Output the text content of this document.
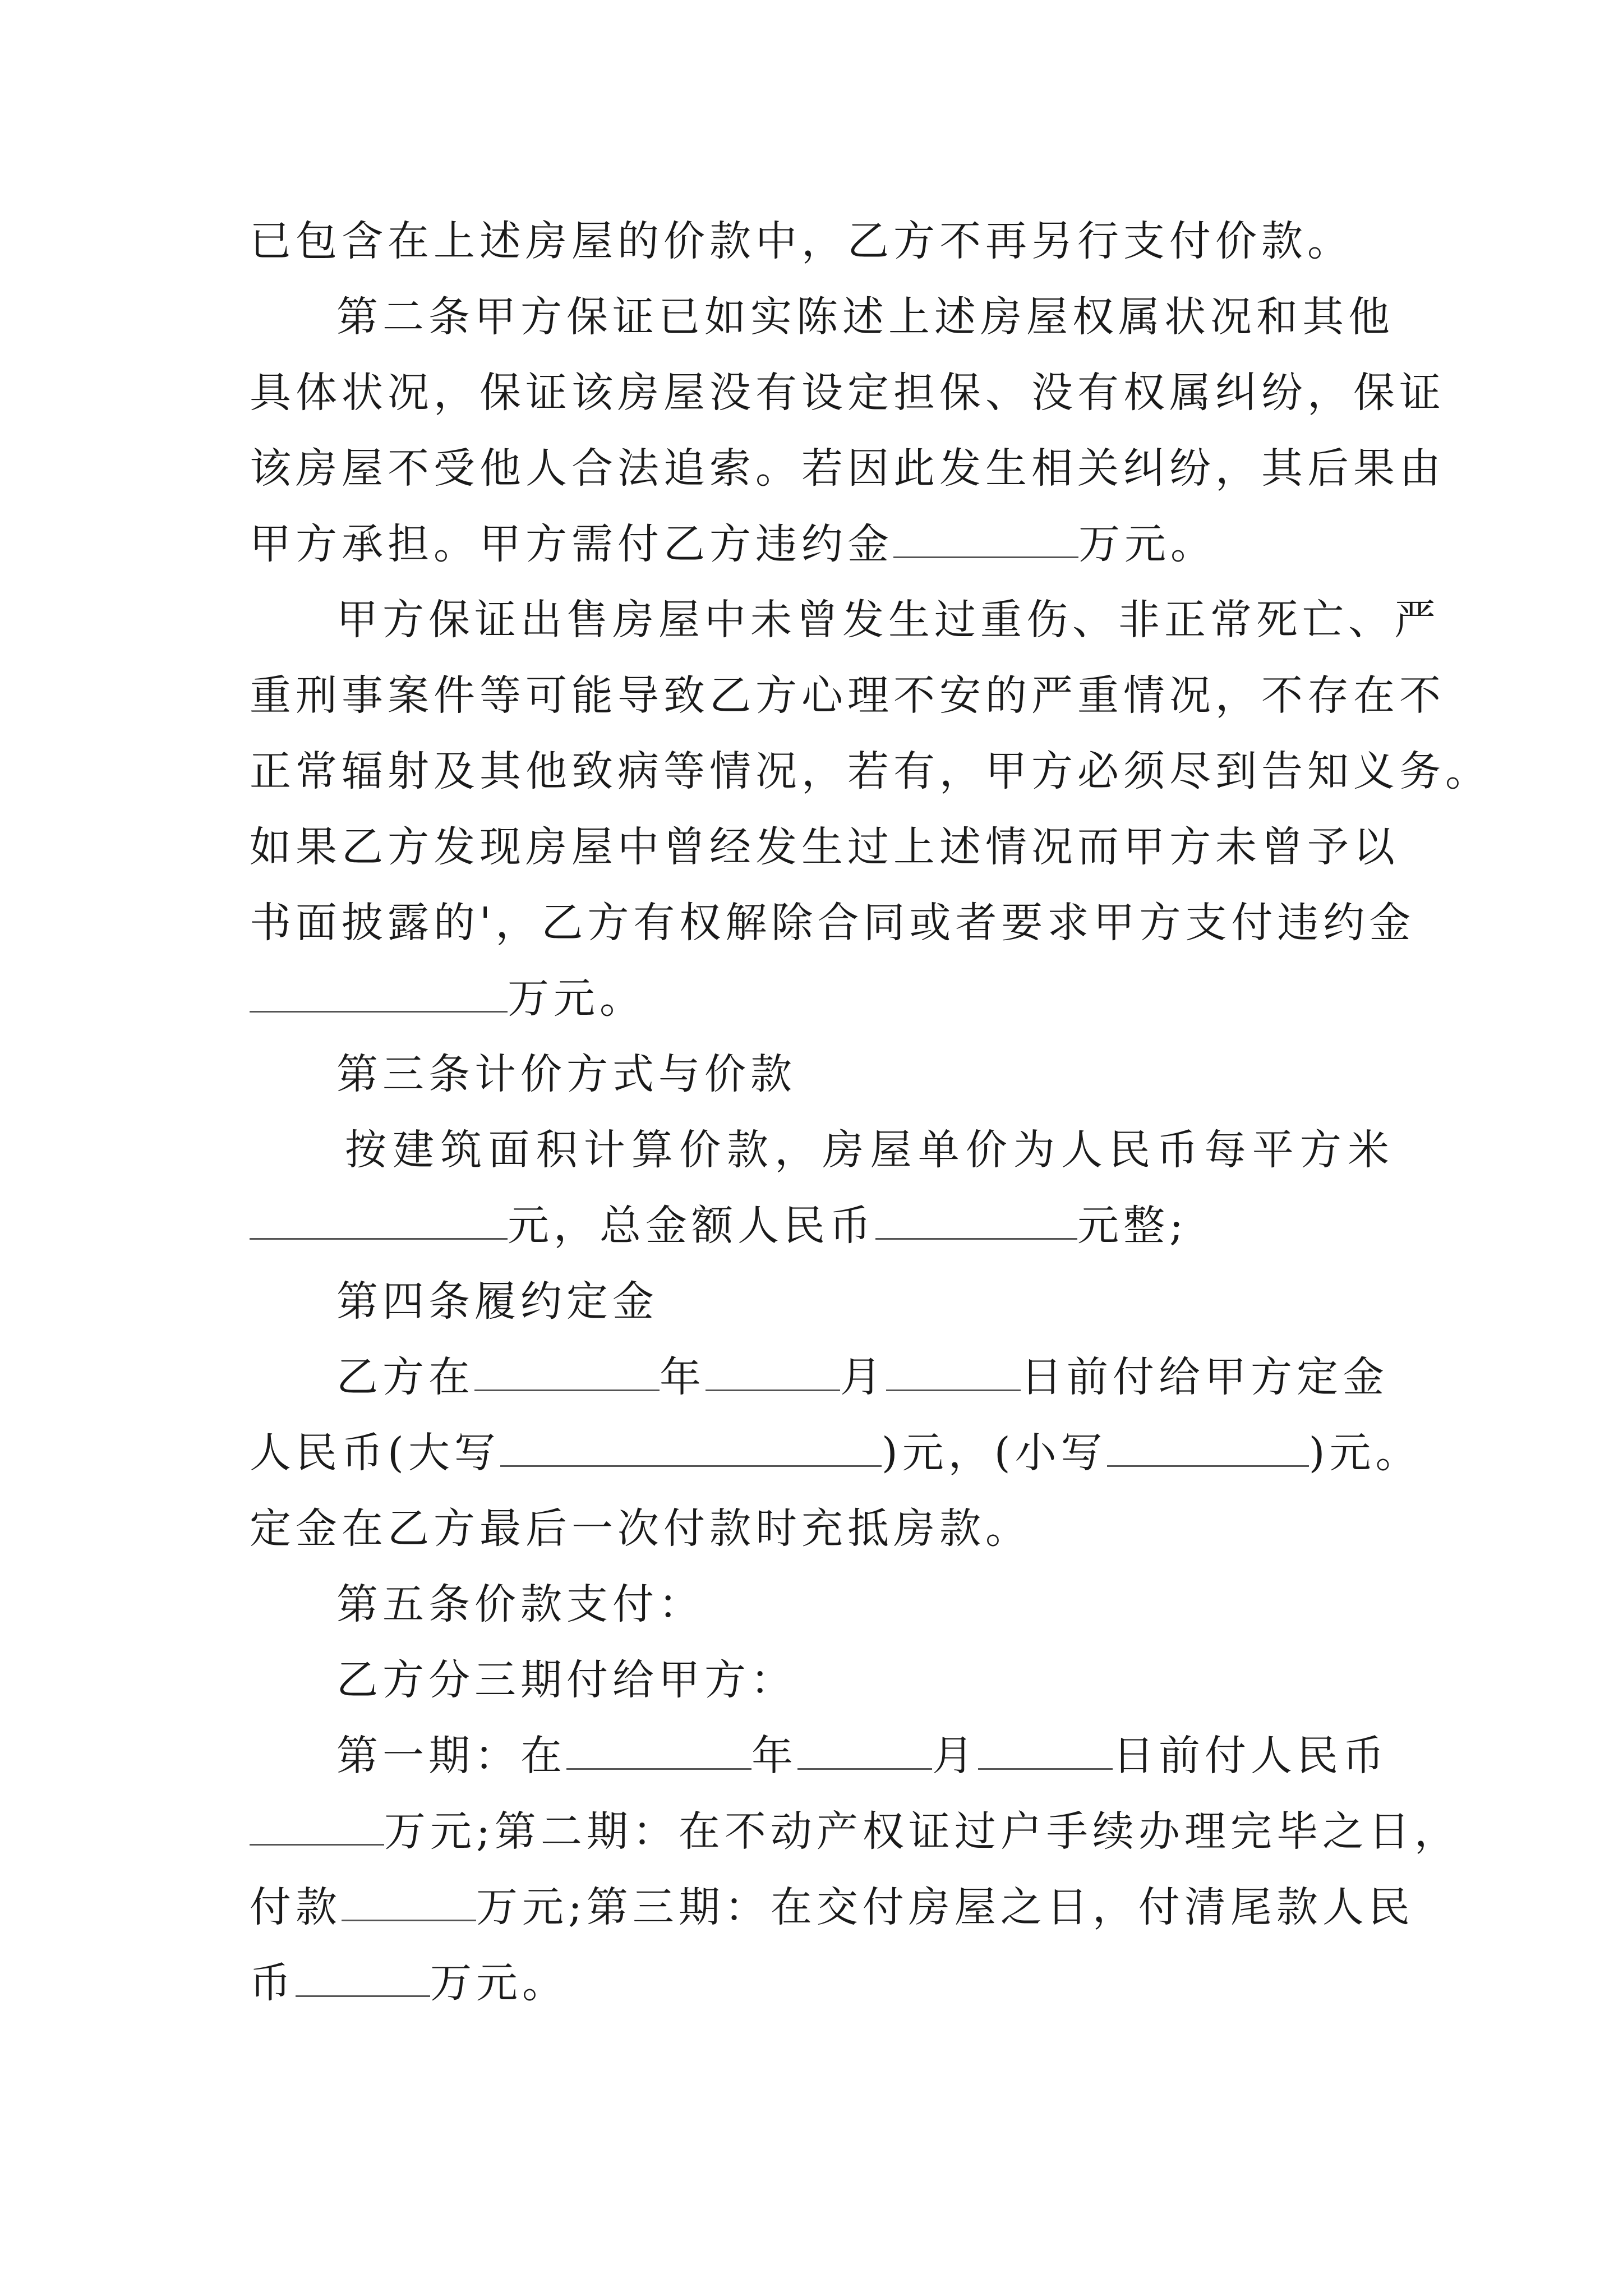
已包含在上述房屋的价款中，乙方不再另行支付价款。
第二条甲方保证已如实陈述上述房屋权属状况和其他
具体状况，保证该房屋没有设定担保、没有权属纠纷，保证
该房屋不受他人合法追索。若因此发生相关纠纷，其后果由
甲方承担。甲方需付乙方违约金	万元。
甲方保证出售房屋中未曾发生过重伤、非正常死亡、严
重刑事案件等可能导致乙方心理不安的严重情况，不存在不
正常辐射及其他致病等情况，若有，甲方必须尽到告知义务。
如果乙方发现房屋中曾经发生过上述情况而甲方未曾予以
书面披露的'，乙方有权解除合同或者要求甲方支付违约金
万元。
第三条计价方式与价款
按建筑面积计算价款，房屋单价为人民币每平方米
元，总金额人民币	元整;
第四条履约定金
乙方在	年	月	日前付给甲方定金
人民币(大写	)元，(小写	)元。
定金在乙方最后一次付款时充抵房款。
第五条价款支付：
乙方分三期付给甲方：
第一期：在	年	月	日前付人民币
万元;第二期：在不动产权证过户手续办理完毕之日，
付款	万元;第三期：在交付房屋之日，付清尾款人民
币	万元。
